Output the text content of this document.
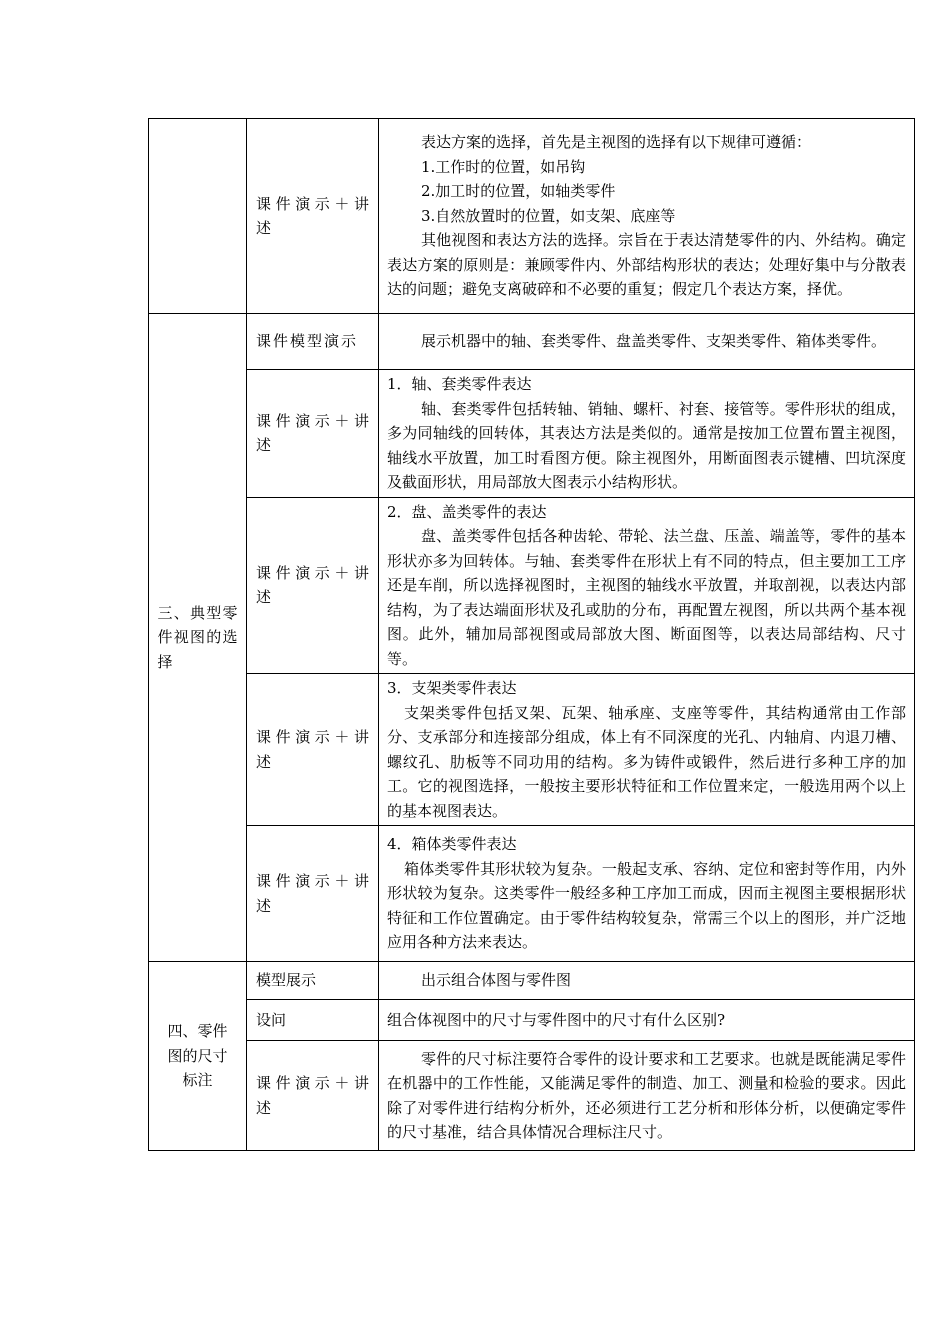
	课件演示＋讲述	表达方案的选择，首先是主视图的选择有以下规律可遵循：

1.工作时的位置，如吊钩

2.加工时的位置，如轴类零件

3.自然放置时的位置，如支架、底座等

其他视图和表达方法的选择。宗旨在于表达清楚零件的内、外结构。确定表达方案的原则是：兼顾零件内、外部结构形状的表达；处理好集中与分散表达的问题；避免支离破碎和不必要的重复；假定几个表达方案，择优。

三、典型零件视图的选择	课件模型演示	展示机器中的轴、套类零件、盘盖类零件、支架类零件、箱体类零件。

	课件演示＋讲述	1．轴、套类零件表达

轴、套类零件包括转轴、销轴、螺杆、衬套、接管等。零件形状的组成，多为同轴线的回转体，其表达方法是类似的。通常是按加工位置布置主视图，轴线水平放置，加工时看图方便。除主视图外，用断面图表示键槽、凹坑深度及截面形状，用局部放大图表示小结构形状。

	课件演示＋讲述	2．盘、盖类零件的表达

盘、盖类零件包括各种齿轮、带轮、法兰盘、压盖、端盖等，零件的基本形状亦多为回转体。与轴、套类零件在形状上有不同的特点，但主要加工工序还是车削，所以选择视图时，主视图的轴线水平放置，并取剖视，以表达内部结构，为了表达端面形状及孔或肋的分布，再配置左视图，所以共两个基本视图。此外，辅加局部视图或局部放大图、断面图等，以表达局部结构、尺寸等。

	课件演示＋讲述	3．支架类零件表达

支架类零件包括叉架、瓦架、轴承座、支座等零件，其结构通常由工作部分、支承部分和连接部分组成，体上有不同深度的光孔、内轴肩、内退刀槽、螺纹孔、肋板等不同功用的结构。多为铸件或锻件，然后进行多种工序的加工。它的视图选择，一般按主要形状特征和工作位置来定，一般选用两个以上的基本视图表达。

	课件演示＋讲述	4．箱体类零件表达

箱体类零件其形状较为复杂。一般起支承、容纳、定位和密封等作用，内外形状较为复杂。这类零件一般经多种工序加工而成，因而主视图主要根据形状特征和工作位置确定。由于零件结构较复杂，常需三个以上的图形，并广泛地应用各种方法来表达。

四、零件图的尺寸标注	模型展示	出示组合体图与零件图

	设问	组合体视图中的尺寸与零件图中的尺寸有什么区别?

	课件演示＋讲述	零件的尺寸标注要符合零件的设计要求和工艺要求。也就是既能满足零件在机器中的工作性能，又能满足零件的制造、加工、测量和检验的要求。因此除了对零件进行结构分析外，还必须进行工艺分析和形体分析，以便确定零件的尺寸基准，结合具体情况合理标注尺寸。
